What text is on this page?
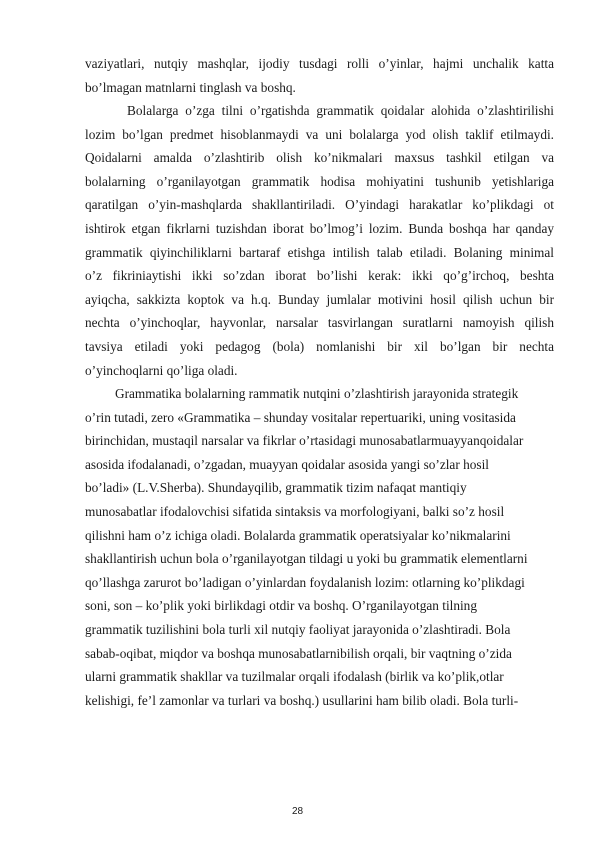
vaziyatlari, nutqiy mashqlar, ijodiy tusdagi rolli o’yinlar, hajmi unchalik katta
bo’lmagan matnlarni tinglash va boshq.
Bolalarga o’zga tilni o’rgatishda grammatik qoidalar alohida o’zlashtirilishi
lozim bo’lgan predmet hisoblanmaydi va uni bolalarga yod olish taklif etilmaydi.
Qoidalarni amalda o’zlashtirib olish ko’nikmalari maxsus tashkil etilgan va
bolalarning o’rganilayotgan grammatik hodisa mohiyatini tushunib yetishlariga
qaratilgan o’yin-mashqlarda shakllantiriladi. O’yindagi harakatlar ko’plikdagi ot
ishtirok etgan fikrlarni tuzishdan iborat bo’lmog’i lozim. Bunda boshqa har qanday
grammatik qiyinchiliklarni bartaraf etishga intilish talab etiladi. Bolaning minimal
o’z fikriniaytishi ikki so’zdan iborat bo’lishi kerak: ikki qo’g’irchoq, beshta
ayiqcha, sakkizta koptok va h.q. Bunday jumlalar motivini hosil qilish uchun bir
nechta o’yinchoqlar, hayvonlar, narsalar tasvirlangan suratlarni namoyish qilish
tavsiya etiladi yoki pedagog (bola) nomlanishi bir xil bo’lgan bir nechta
o’yinchoqlarni qo’liga oladi.
Grammatika bolalarning rammatik nutqini o’zlashtirish jarayonida strategik
o’rin tutadi, zero «Grammatika – shunday vositalar repertuariki, uning vositasida
birinchidan, mustaqil narsalar va fikrlar o’rtasidagi munosabatlarmuayyanqoidalar
asosida ifodalanadi, o’zgadan, muayyan qoidalar asosida yangi so’zlar hosil
bo’ladi» (L.V.Sherba). Shundayqilib, grammatik tizim nafaqat mantiqiy
munosabatlar ifodalovchisi sifatida sintaksis va morfologiyani, balki so’z hosil
qilishni ham o’z ichiga oladi. Bolalarda grammatik operatsiyalar ko’nikmalarini
shakllantirish uchun bola o’rganilayotgan tildagi u yoki bu grammatik elementlarni
qo’llashga zarurot bo’ladigan o’yinlardan foydalanish lozim: otlarning ko’plikdagi
soni, son – ko’plik yoki birlikdagi otdir va boshq. O’rganilayotgan tilning
grammatik tuzilishini bola turli xil nutqiy faoliyat jarayonida o’zlashtiradi. Bola
sabab-oqibat, miqdor va boshqa munosabatlarnibilish orqali, bir vaqtning o’zida
ularni grammatik shakllar va tuzilmalar orqali ifodalash (birlik va ko’plik,otlar
kelishigi, fe’l zamonlar va turlari va boshq.) usullarini ham bilib oladi. Bola turli-
28
